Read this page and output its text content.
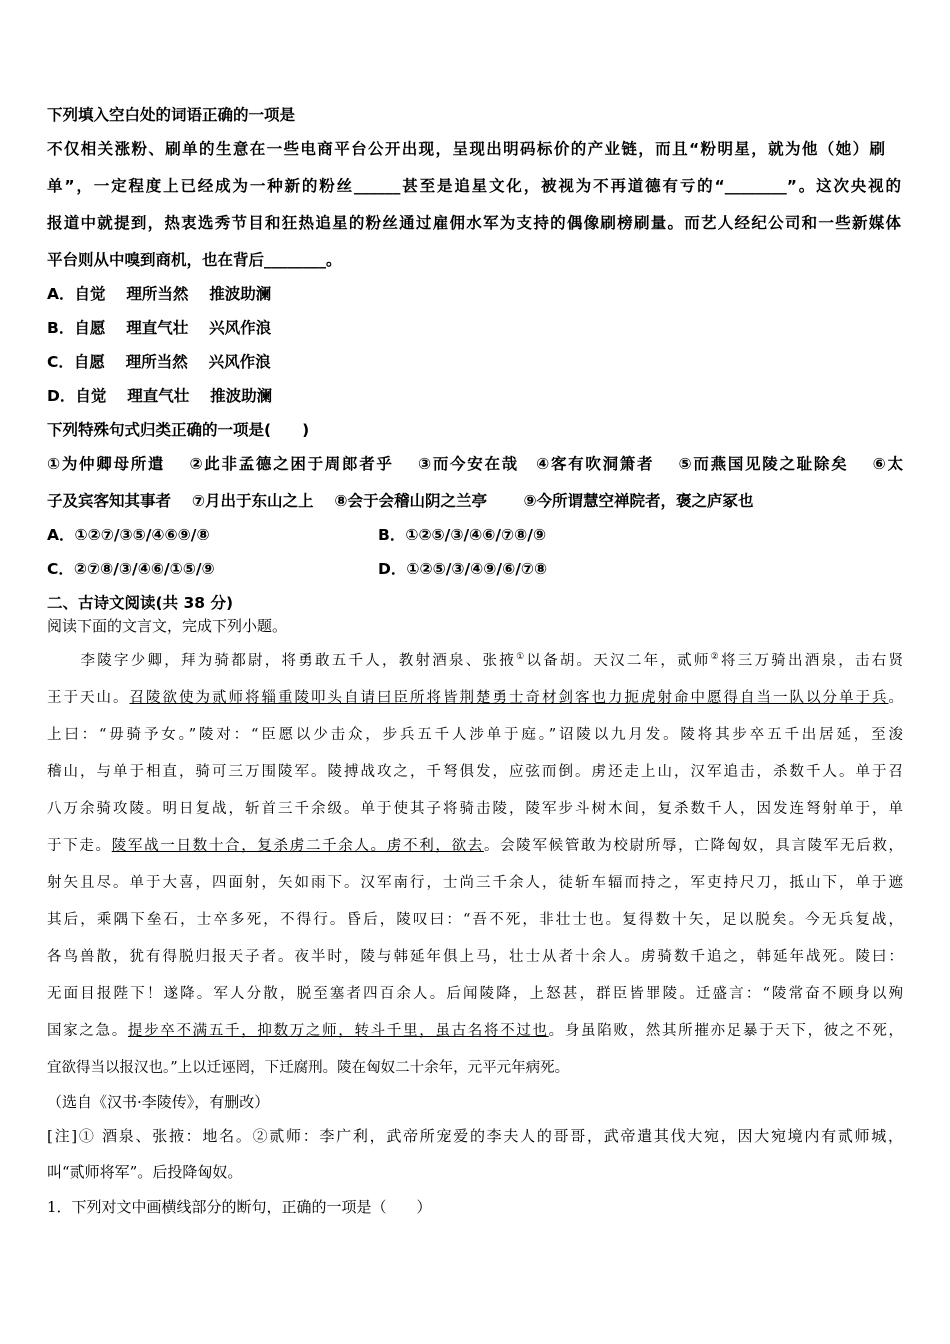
下列填入空白处的词语正确的一项是
不仅相关涨粉、刷单的生意在一些电商平台公开出现，呈现出明码标价的产业链，而且“粉明星，就为他（她）刷
单”，一定程度上已经成为一种新的粉丝______甚至是追星文化，被视为不再道德有亏的“________”。这次央视的
报道中就提到，热衷选秀节目和狂热追星的粉丝通过雇佣水军为支持的偶像刷榜刷量。而艺人经纪公司和一些新媒体
平台则从中嗅到商机，也在背后________。
A．自觉　 理所当然　 推波助澜
B．自愿　 理直气壮　 兴风作浪
C．自愿　 理所当然　 兴风作浪
D．自觉　 理直气壮　 推波助澜
下列特殊句式归类正确的一项是(　　)
①为仲卿母所遣　 ②此非孟德之困于周郎者乎　 ③而今安在哉　④客有吹洞箫者　 ⑤而燕国见陵之耻除矣　 ⑥太
子及宾客知其事者　 ⑦月出于东山之上　 ⑧会于会稽山阴之兰亭　　 ⑨今所谓慧空禅院者，褒之庐冢也
A．①②⑦/③⑤/④⑥⑨/⑧	B．①②⑤/③/④⑥/⑦⑧/⑨
C．②⑦⑧/③/④⑥/①⑤/⑨	D．①②⑤/③/④⑨/⑥/⑦⑧
二、古诗文阅读(共 38 分)
阅读下面的文言文，完成下列小题。
　　李陵字少卿，拜为骑都尉，将勇敢五千人，教射酒泉、张掖①以备胡。天汉二年，贰师②将三万骑出酒泉，击右贤
王于天山。召陵欲使为贰师将辎重陵叩头自请曰臣所将皆荆楚勇士奇材剑客也力扼虎射命中愿得自当一队以分单于兵。
上曰：“毋骑予女。”陵对：“臣愿以少击众，步兵五千人涉单于庭。”诏陵以九月发。陵将其步卒五千出居延，至浚
稽山，与单于相直，骑可三万围陵军。陵搏战攻之，千弩俱发，应弦而倒。虏还走上山，汉军追击，杀数千人。单于召
八万余骑攻陵。明日复战，斩首三千余级。单于使其子将骑击陵，陵军步斗树木间，复杀数千人，因发连弩射单于，单
于下走。陵军战一日数十合，复杀虏二千余人。虏不利，欲去。会陵军候管敢为校尉所辱，亡降匈奴，具言陵军无后救，
射矢且尽。单于大喜，四面射，矢如雨下。汉军南行，士尚三千余人，徒斩车辐而持之，军吏持尺刀，抵山下，单于遮
其后，乘隅下垒石，士卒多死，不得行。昏后，陵叹曰：“吾不死，非壮士也。复得数十矢，足以脱矣。今无兵复战，
各鸟兽散，犹有得脱归报天子者。夜半时，陵与韩延年俱上马，壮士从者十余人。虏骑数千追之，韩延年战死。陵曰：
无面目报陛下！遂降。军人分散，脱至塞者四百余人。后闻陵降，上怒甚，群臣皆罪陵。迁盛言：“陵常奋不顾身以殉
国家之急。提步卒不满五千，抑数万之师，转斗千里，虽古名将不过也。身虽陷败，然其所摧亦足暴于天下，彼之不死，
宜欲得当以报汉也。”上以迁诬罔，下迁腐刑。陵在匈奴二十余年，元平元年病死。
（选自《汉书·李陵传》，有删改）
[注]① 酒泉、张掖：地名。②贰师：李广利，武帝所宠爱的李夫人的哥哥，武帝遣其伐大宛，因大宛境内有贰师城，
叫“贰师将军”。后投降匈奴。
1．下列对文中画横线部分的断句，正确的一项是（　　）
